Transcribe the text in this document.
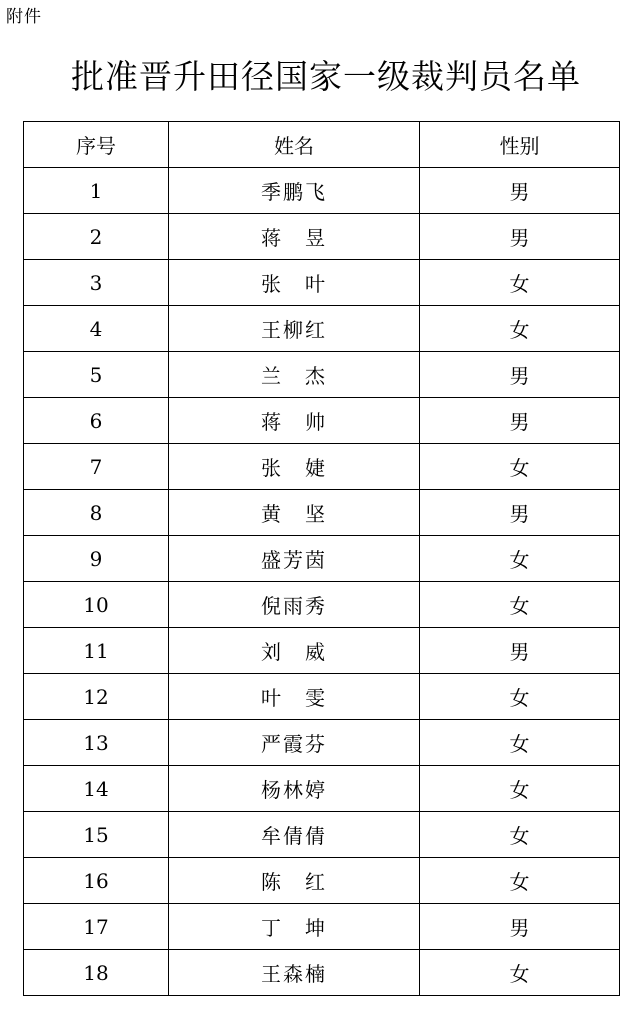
附件
批准晋升田径国家一级裁判员名单
序号	姓名	性别
1	季鹏飞	男
2	蒋　昱	男
3	张　叶	女
4	王柳红	女
5	兰　杰	男
6	蒋　帅	男
7	张　婕	女
8	黄　坚	男
9	盛芳茵	女
10	倪雨秀	女
11	刘　威	男
12	叶　雯	女
13	严霞芬	女
14	杨林婷	女
15	牟倩倩	女
16	陈　红	女
17	丁　坤	男
18	王森楠	女
